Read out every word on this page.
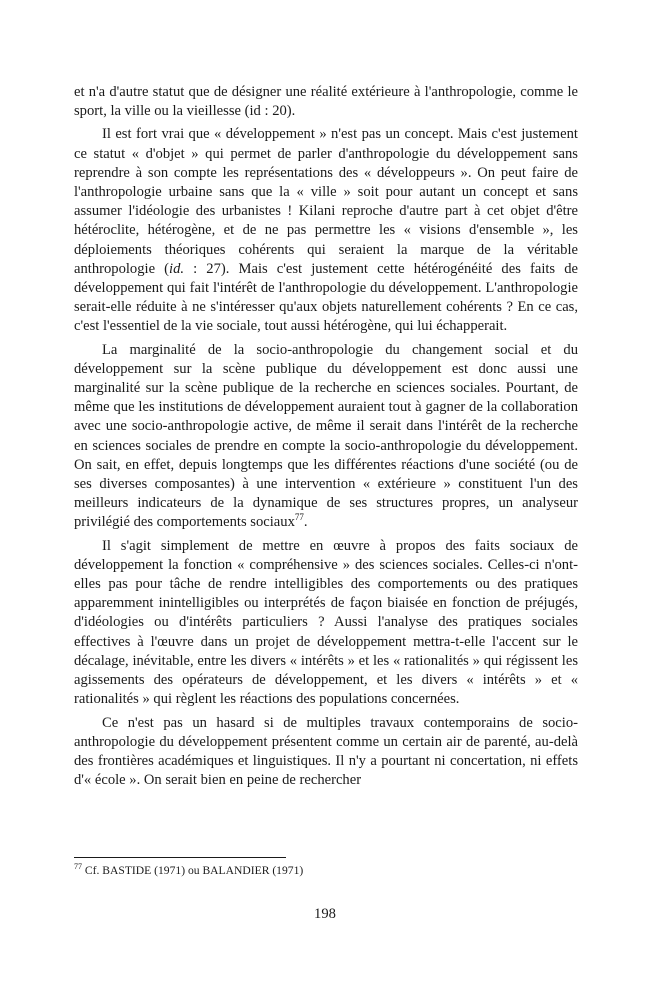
et n'a d'autre statut que de désigner une réalité extérieure à l'anthropologie, comme le sport, la ville ou la vieillesse (id : 20).

Il est fort vrai que « développement » n'est pas un concept. Mais c'est justement ce statut « d'objet » qui permet de parler d'anthropologie du développement sans reprendre à son compte les représentations des « développeurs ». On peut faire de l'anthropologie urbaine sans que la « ville » soit pour autant un concept et sans assumer l'idéologie des urbanistes ! Kilani reproche d'autre part à cet objet d'être hétéroclite, hétérogène, et de ne pas permettre les « visions d'ensemble », les déploiements théoriques cohérents qui seraient la marque de la véritable anthropologie (id. : 27). Mais c'est justement cette hétérogénéité des faits de développement qui fait l'intérêt de l'anthropologie du développement. L'anthropologie serait-elle réduite à ne s'intéresser qu'aux objets naturellement cohérents ? En ce cas, c'est l'essentiel de la vie sociale, tout aussi hétérogène, qui lui échapperait.

La marginalité de la socio-anthropologie du changement social et du développement sur la scène publique du développement est donc aussi une marginalité sur la scène publique de la recherche en sciences sociales. Pourtant, de même que les institutions de développement auraient tout à gagner de la collaboration avec une socio-anthropologie active, de même il serait dans l'intérêt de la recherche en sciences sociales de prendre en compte la socio-anthropologie du développement. On sait, en effet, depuis longtemps que les différentes réactions d'une société (ou de ses diverses composantes) à une intervention « extérieure » constituent l'un des meilleurs indicateurs de la dynamique de ses structures propres, un analyseur privilégié des comportements sociaux$^{77}$.

Il s'agit simplement de mettre en œuvre à propos des faits sociaux de développement la fonction « compréhensive » des sciences sociales. Celles-ci n'ont-elles pas pour tâche de rendre intelligibles des comportements ou des pratiques apparemment inintelligibles ou interprétés de façon biaisée en fonction de préjugés, d'idéologies ou d'intérêts particuliers ? Aussi l'analyse des pratiques sociales effectives à l'œuvre dans un projet de développement mettra-t-elle l'accent sur le décalage, inévitable, entre les divers « intérêts » et les « rationalités » qui régissent les agissements des opérateurs de développement, et les divers « intérêts » et « rationalités » qui règlent les réactions des populations concernées.

Ce n'est pas un hasard si de multiples travaux contemporains de socio-anthropologie du développement présentent comme un certain air de parenté, au-delà des frontières académiques et linguistiques. Il n'y a pourtant ni concertation, ni effets d'« école ». On serait bien en peine de rechercher

$^{77}$ Cf. BASTIDE (1971) ou BALANDIER (1971)
198
